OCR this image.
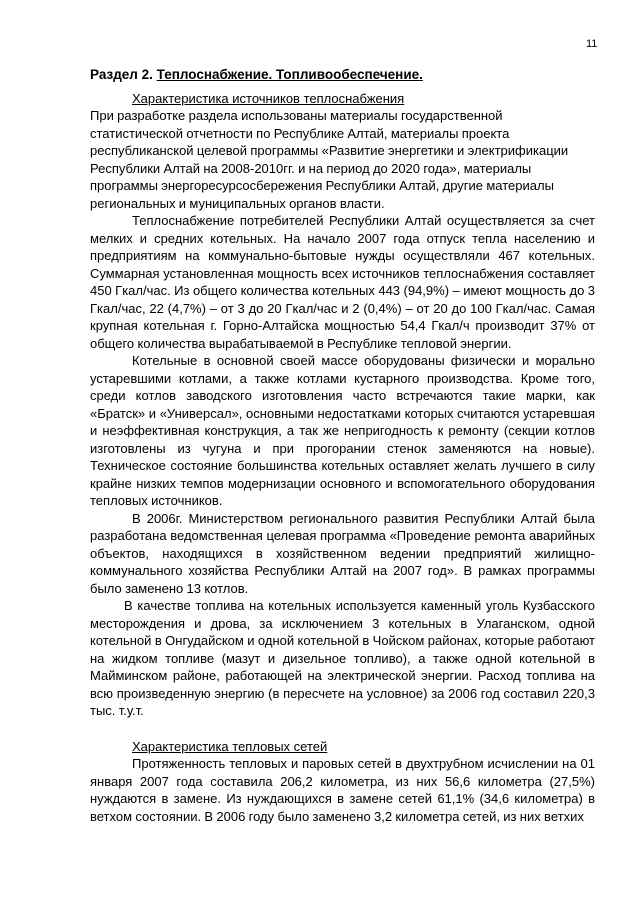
11
Раздел 2. Теплоснабжение. Топливообеспечение.

Характеристика источников теплоснабжения

При разработке раздела использованы материалы государственной статистической отчетности по Республике Алтай, материалы проекта республиканской целевой программы «Развитие энергетики и электрификации Республики Алтай на 2008-2010гг. и на период до 2020 года», материалы программы энергоресурсосбережения Республики Алтай, другие материалы региональных и муниципальных органов власти.

Теплоснабжение потребителей Республики Алтай осуществляется за счет мелких и средних котельных. На начало 2007 года отпуск тепла населению и предприятиям на коммунально-бытовые нужды осуществляли 467 котельных. Суммарная установленная мощность всех источников теплоснабжения составляет 450 Гкал/час. Из общего количества котельных 443 (94,9%) – имеют мощность до 3 Гкал/час, 22 (4,7%) – от 3 до 20 Гкал/час и 2 (0,4%) – от 20 до 100 Гкал/час. Самая крупная котельная г. Горно-Алтайска мощностью 54,4 Гкал/ч производит 37% от общего количества вырабатываемой в Республике тепловой энергии.

Котельные в основной своей массе оборудованы физически и морально устаревшими котлами, а также котлами кустарного производства. Кроме того, среди котлов заводского изготовления часто встречаются такие марки, как «Братск» и «Универсал», основными недостатками которых считаются устаревшая и неэффективная конструкция, а так же непригодность к ремонту (секции котлов изготовлены из чугуна и при прогорании стенок заменяются на новые). Техническое состояние большинства котельных оставляет желать лучшего в силу крайне низких темпов модернизации основного и вспомогательного оборудования тепловых источников.

В 2006г. Министерством регионального развития Республики Алтай была разработана ведомственная целевая программа «Проведение ремонта аварийных объектов, находящихся в хозяйственном ведении предприятий жилищно-коммунального хозяйства Республики Алтай на 2007 год». В рамках программы было заменено 13 котлов.

В качестве топлива на котельных используется каменный уголь Кузбасского месторождения и дрова, за исключением 3 котельных в Улаганском, одной котельной в Онгудайском и одной котельной в Чойском районах, которые работают на жидком топливе (мазут и дизельное топливо), а также одной котельной в Майминском районе, работающей на электрической энергии. Расход топлива на всю произведенную энергию (в пересчете на условное) за 2006 год составил 220,3 тыс. т.у.т.

Характеристика тепловых сетей

Протяженность тепловых и паровых сетей в двухтрубном исчислении на 01 января 2007 года составила 206,2 километра, из них 56,6 километра (27,5%) нуждаются в замене. Из нуждающихся в замене сетей 61,1% (34,6 километра) в ветхом состоянии. В 2006 году было заменено 3,2 километра сетей, из них ветхих
